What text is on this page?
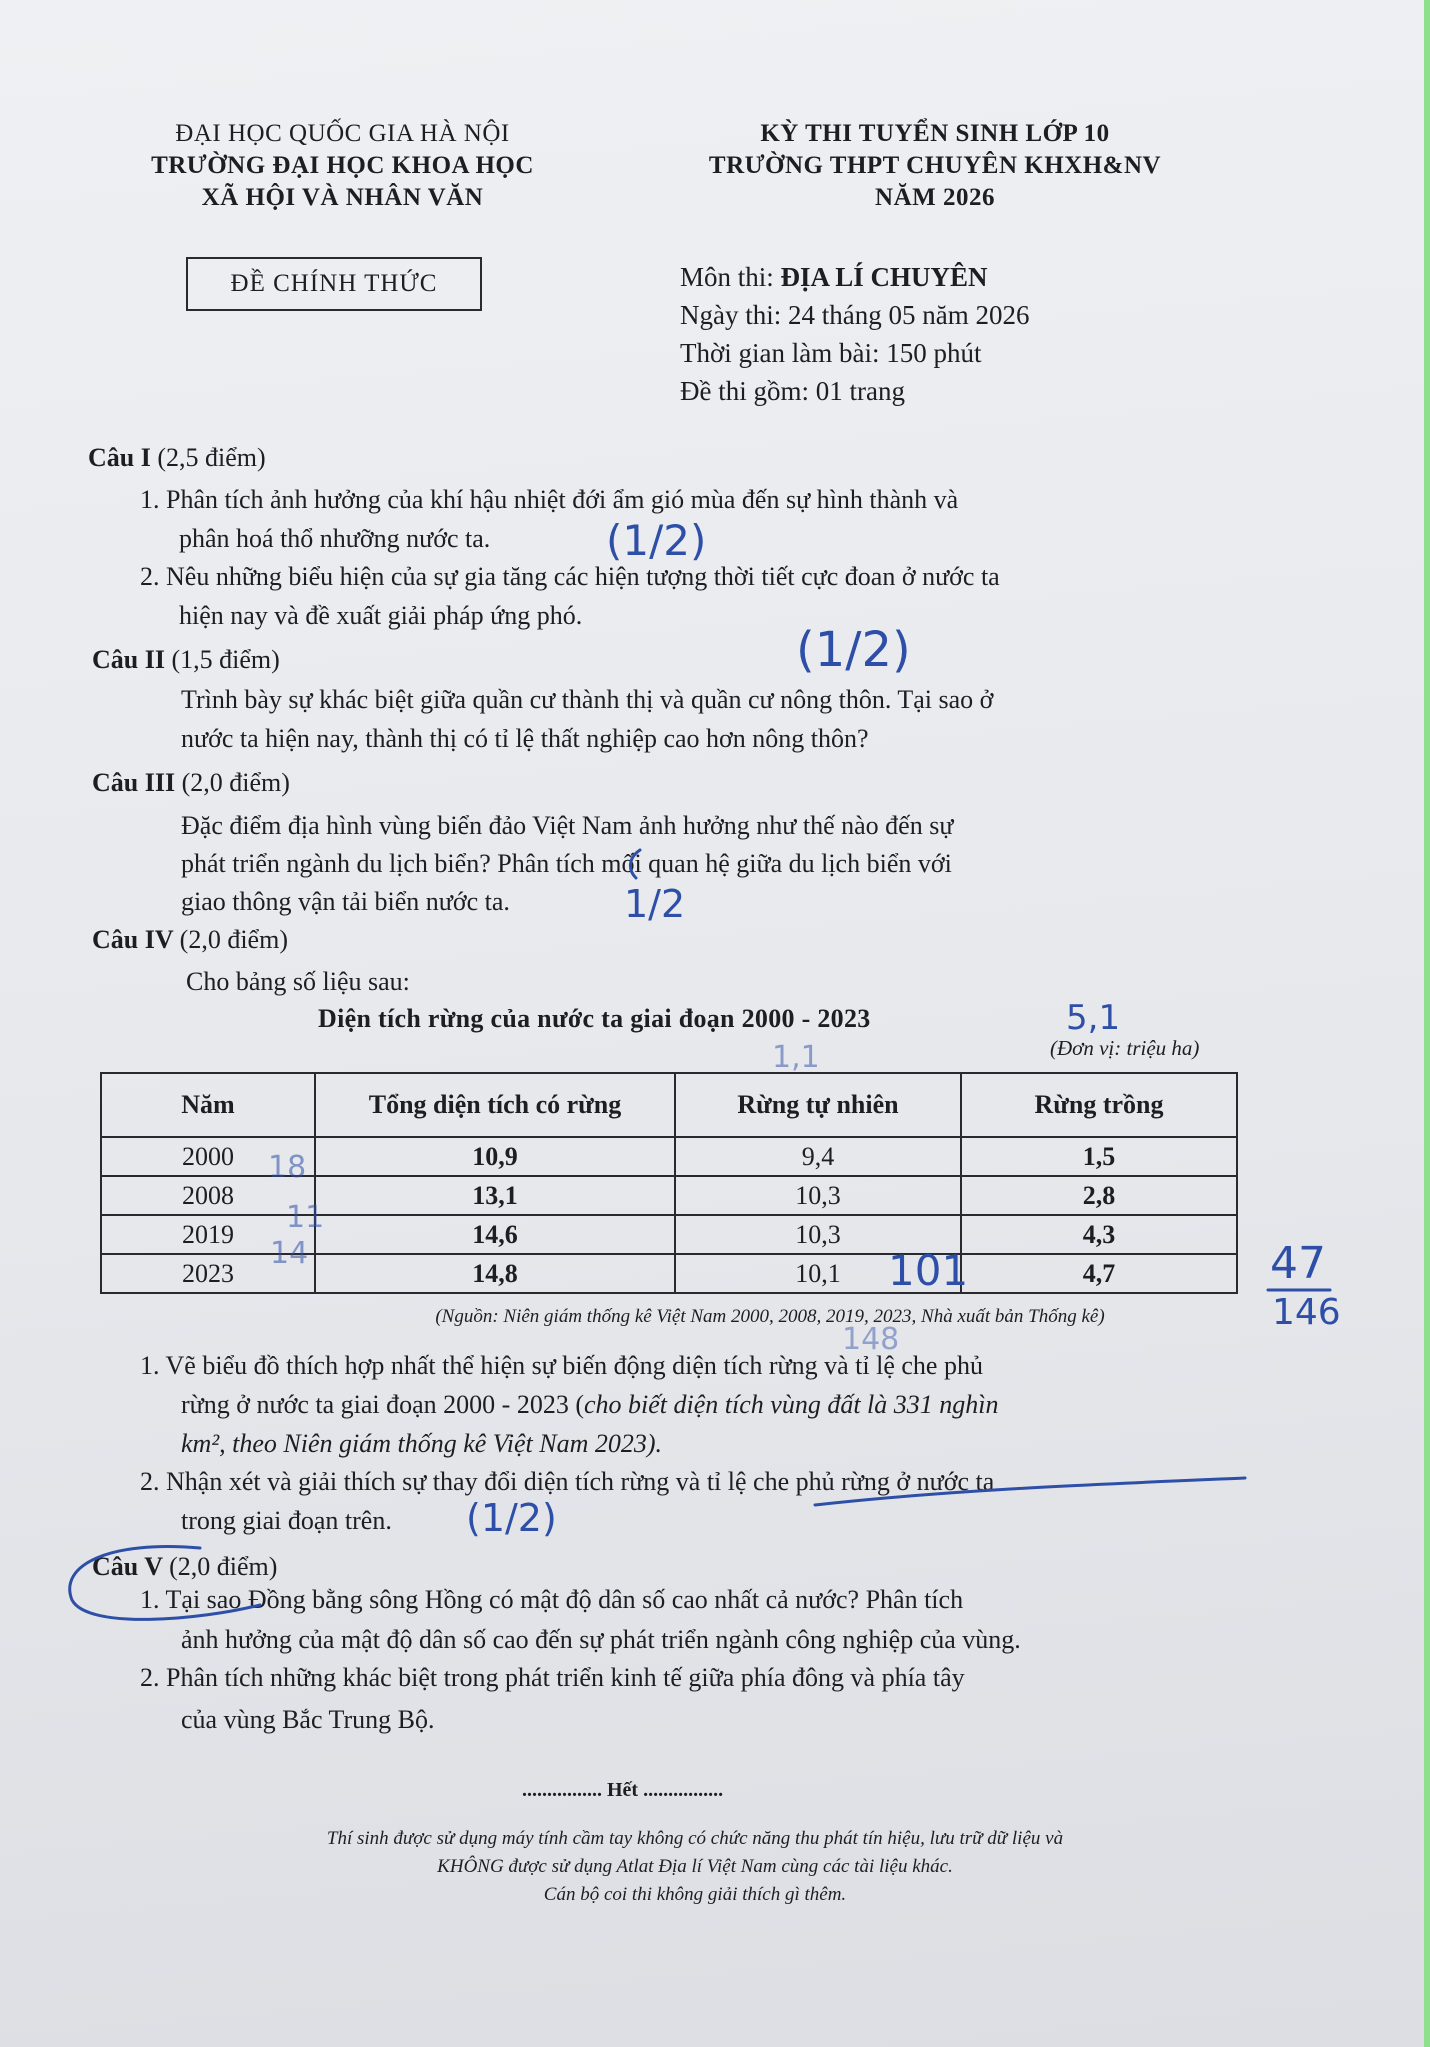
ĐẠI HỌC QUỐC GIA HÀ NỘI
TRƯỜNG ĐẠI HỌC KHOA HỌC
XÃ HỘI VÀ NHÂN VĂN
KỲ THI TUYỂN SINH LỚP 10
TRƯỜNG THPT CHUYÊN KHXH&NV
NĂM 2026
ĐỀ CHÍNH THỨC	Môn thi: ĐỊA LÍ CHUYÊN
Ngày thi: 24 tháng 05 năm 2026
Thời gian làm bài: 150 phút
Đề thi gồm: 01 trang
Câu I (2,5 điểm)
1. Phân tích ảnh hưởng của khí hậu nhiệt đới ẩm gió mùa đến sự hình thành và
phân hoá thổ nhưỡng nước ta.
2. Nêu những biểu hiện của sự gia tăng các hiện tượng thời tiết cực đoan ở nước ta
hiện nay và đề xuất giải pháp ứng phó.
Câu II (1,5 điểm)
Trình bày sự khác biệt giữa quần cư thành thị và quần cư nông thôn. Tại sao ở
nước ta hiện nay, thành thị có tỉ lệ thất nghiệp cao hơn nông thôn?
Câu III (2,0 điểm)
Đặc điểm địa hình vùng biển đảo Việt Nam ảnh hưởng như thế nào đến sự
phát triển ngành du lịch biển? Phân tích mối quan hệ giữa du lịch biển với
giao thông vận tải biển nước ta.
Câu IV (2,0 điểm)
Cho bảng số liệu sau:
Diện tích rừng của nước ta giai đoạn 2000 - 2023
(Đơn vị: triệu ha)
Năm	Tổng diện tích có rừng	Rừng tự nhiên	Rừng trồng
2000	10,9	9,4	1,5
2008	13,1	10,3	2,8
2019	14,6	10,3	4,3
2023	14,8	10,1	4,7
(Nguồn: Niên giám thống kê Việt Nam 2000, 2008, 2019, 2023, Nhà xuất bản Thống kê)
1. Vẽ biểu đồ thích hợp nhất thể hiện sự biến động diện tích rừng và tỉ lệ che phủ
rừng ở nước ta giai đoạn 2000 - 2023 (cho biết diện tích vùng đất là 331 nghìn
km², theo Niên giám thống kê Việt Nam 2023).
2. Nhận xét và giải thích sự thay đổi diện tích rừng và tỉ lệ che phủ rừng ở nước ta
trong giai đoạn trên.
Câu V (2,0 điểm)
1. Tại sao Đồng bằng sông Hồng có mật độ dân số cao nhất cả nước? Phân tích
ảnh hưởng của mật độ dân số cao đến sự phát triển ngành công nghiệp của vùng.
2. Phân tích những khác biệt trong phát triển kinh tế giữa phía đông và phía tây
của vùng Bắc Trung Bộ.
................ Hết ................
Thí sinh được sử dụng máy tính cầm tay không có chức năng thu phát tín hiệu, lưu trữ dữ liệu và
KHÔNG được sử dụng Atlat Địa lí Việt Nam cùng các tài liệu khác.
Cán bộ coi thi không giải thích gì thêm.
(1/2)
(1/2)
1/2
5,1
1,1
18
11
14	101	47
146
148
(1/2)
